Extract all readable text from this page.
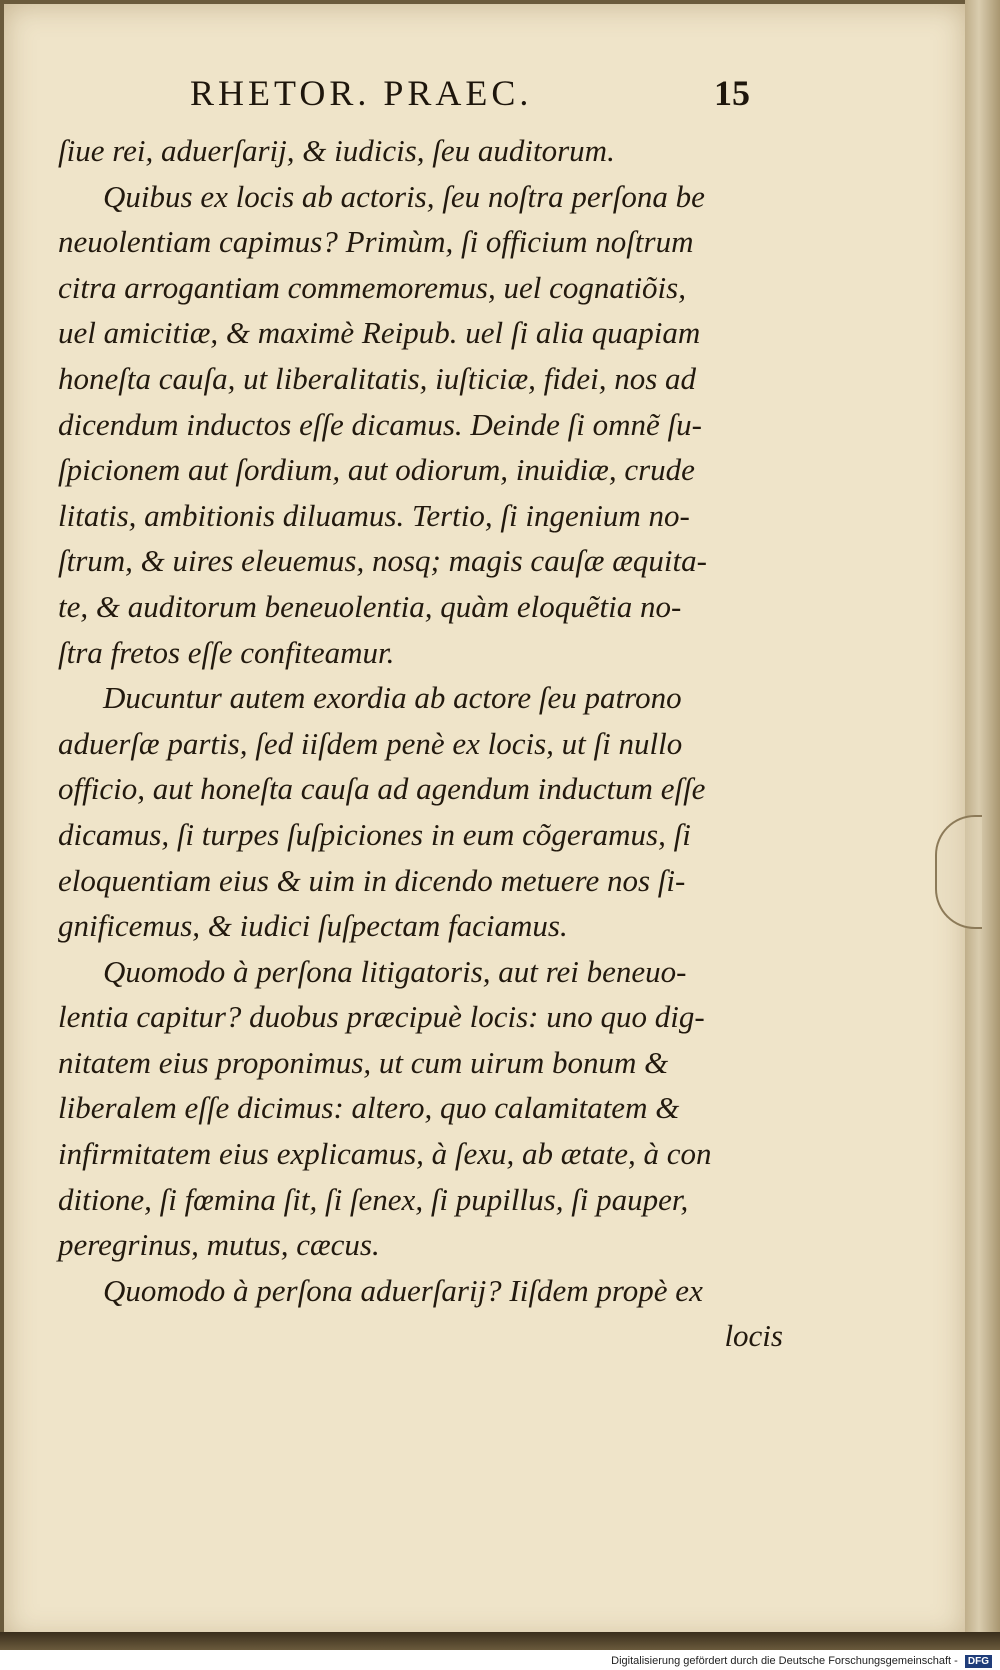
RHETOR. PRAEC.	15
ſiue rei, aduerſarij, & iudicis, ſeu auditorum.
Quibus ex locis ab actoris, ſeu noſtra perſona be
neuolentiam capimus? Primùm, ſi officium noſtrum
citra arrogantiam commemoremus, uel cognatiõis,
uel amicitiæ, & maximè Reipub. uel ſi alia quapiam
honeſta cauſa, ut liberalitatis, iuſticiæ, fidei, nos ad
dicendum inductos eſſe dicamus. Deinde ſi omnẽ ſu-
ſpicionem aut ſordium, aut odiorum, inuidiæ, crude
litatis, ambitionis diluamus. Tertio, ſi ingenium no-
ſtrum, & uires eleuemus, nosq; magis cauſæ æquita-
te, & auditorum beneuolentia, quàm eloquẽtia no-
ſtra fretos eſſe confiteamur.
Ducuntur autem exordia ab actore ſeu patrono
aduerſæ partis, ſed iiſdem penè ex locis, ut ſi nullo
officio, aut honeſta cauſa ad agendum inductum eſſe
dicamus, ſi turpes ſuſpiciones in eum cõgeramus, ſi
eloquentiam eius & uim in dicendo metuere nos ſi-
gnificemus, & iudici ſuſpectam faciamus.
Quomodo à perſona litigatoris, aut rei beneuo-
lentia capitur? duobus præcipuè locis: uno quo dig-
nitatem eius proponimus, ut cum uirum bonum &
liberalem eſſe dicimus: altero, quo calamitatem &
infirmitatem eius explicamus, à ſexu, ab ætate, à con
ditione, ſi fœmina ſit, ſi ſenex, ſi pupillus, ſi pauper,
peregrinus, mutus, cæcus.
Quomodo à perſona aduerſarij? Iiſdem propè ex
locis
Digitalisierung gefördert durch die Deutsche Forschungsgemeinschaft - DFG
